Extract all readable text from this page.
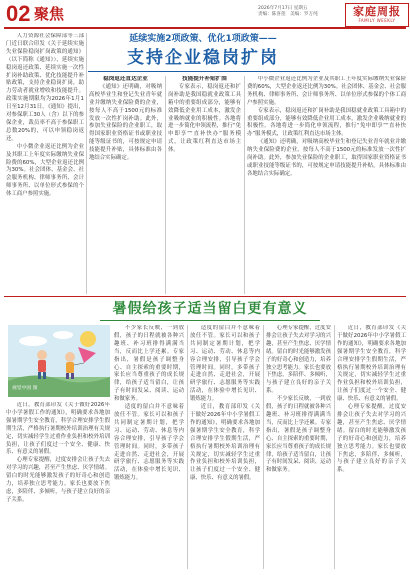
02 聚焦	2026年7月17日 星期五
责编：陈喜莲　美编：罗万纯	家庭周报
FAMILY WEEKLY
延续实施2项政策、优化1项政策——
支持企业稳岗扩岗

人力资源社会保障部等三部门近日联合印发《关于延续实施失业保险稳岗扩岗政策的通知》（以下简称《通知》），延续实施稳岗返还政策、延续实施一次性扩岗补助政策、优化技能提升补贴政策，支持企业稳岗扩岗，助力劳动者就业增收和技能提升。政策实施期限均为2026年1月1日至12月31日。《通知》提出，对参保职工30人（含）以下的参保企业，裁员率不高于参保职工总数20%的，可以申领稳岗返还。

中小微企业返还比例为企业及其职工上年度实际缴纳失业保险费的60%，大型企业返还比例为30%。社会团体、基金会、社会服务机构、律师事务所、会计师事务所、以单位形式参保的个体工商户参照实施。

稳岗返还直达企业

《通知》还明确，对吸纳高校毕业生和登记失业青年就业并缴纳失业保险费的企业，按每人不高于1500元的标准发放一次性扩岗补助。此外，参加失业保险的企业职工，取得国家职业资格证书或职业技能等级证书的，可按规定申请技能提升补贴，具体标准由各地结合实际确定。

技能提升补贴扩围

专家表示，稳岗返还和扩岗补助是我国稳就业政策工具箱中的重要组成部分，能够有效降低企业用工成本，激发企业吸纳就业的积极性。各地将进一步简化申领流程，推行“免申即享”“直补快办”服务模式，让政策红利直达市场主体。

中小微企业返还比例为企业及其职工上年度实际缴纳失业保险费的60%，大型企业返还比例为30%。社会团体、基金会、社会服务机构、律师事务所、会计师事务所、以单位形式参保的个体工商户参照实施。

专家表示，稳岗返还和扩岗补助是我国稳就业政策工具箱中的重要组成部分，能够有效降低企业用工成本，激发企业吸纳就业的积极性。各地将进一步简化申领流程，推行“免申即享”“直补快办”服务模式，让政策红利直达市场主体。

《通知》还明确，对吸纳高校毕业生和登记失业青年就业并缴纳失业保险费的企业，按每人不高于1500元的标准发放一次性扩岗补助。此外，参加失业保险的企业职工，取得国家职业资格证书或职业技能等级证书的，可按规定申请技能提升补贴，具体标准由各地结合实际确定。

暑假给孩子适当留白更有意义
视觉中国 图

不少家长反映，一到放假，孩子的日程就被各种兴趣班、补习班排得满满当当，反而比上学还累。专家指出，暑假是孩子调整身心、自主探索的重要时期，家长应当尊重孩子的成长规律，给孩子适当留白，让孩子有时间发呆、阅读、运动和做家务。

适度的留白并不意味着放任不管。家长可以和孩子共同制定暑期计划，把学习、运动、劳动、休息等内容合理安排，引导孩子学会管理时间。同时，多带孩子走进自然、走进社会，开展研学旅行、志愿服务等实践活动，在体验中增长见识、锻炼能力。

近日，教育部印发《关于做好2026年中小学暑假工作的通知》，明确要求各地加强暑期学生安全教育，科学合理安排学生假期生活，严格执行暑期校外培训治理有关规定，切实减轻学生过重作业负担和校外培训负担，让孩子们度过一个安全、健康、快乐、有意义的暑假。

心理专家提醒，过度安排会让孩子失去对学习的兴趣，甚至产生焦虑、厌学情绪。留白的时光能够激发孩子的好奇心和创造力，培养独立思考能力。家长也要放下焦虑，多陪伴、多倾听，与孩子建立良好的亲子关系。

适度的留白并不意味着放任不管。家长可以和孩子共同制定暑期计划，把学习、运动、劳动、休息等内容合理安排，引导孩子学会管理时间。同时，多带孩子走进自然、走进社会，开展研学旅行、志愿服务等实践活动，在体验中增长见识、锻炼能力。

近日，教育部印发《关于做好2026年中小学暑假工作的通知》，明确要求各地加强暑期学生安全教育，科学合理安排学生假期生活，严格执行暑期校外培训治理有关规定，切实减轻学生过重作业负担和校外培训负担，让孩子们度过一个安全、健康、快乐、有意义的暑假。

心理专家提醒，过度安排会让孩子失去对学习的兴趣，甚至产生焦虑、厌学情绪。留白的时光能够激发孩子的好奇心和创造力，培养独立思考能力。家长也要放下焦虑，多陪伴、多倾听，与孩子建立良好的亲子关系。

不少家长反映，一到放假，孩子的日程就被各种兴趣班、补习班排得满满当当，反而比上学还累。专家指出，暑假是孩子调整身心、自主探索的重要时期，家长应当尊重孩子的成长规律，给孩子适当留白，让孩子有时间发呆、阅读、运动和做家务。

近日，教育部印发《关于做好2026年中小学暑假工作的通知》，明确要求各地加强暑期学生安全教育，科学合理安排学生假期生活，严格执行暑期校外培训治理有关规定，切实减轻学生过重作业负担和校外培训负担，让孩子们度过一个安全、健康、快乐、有意义的暑假。

心理专家提醒，过度安排会让孩子失去对学习的兴趣，甚至产生焦虑、厌学情绪。留白的时光能够激发孩子的好奇心和创造力，培养独立思考能力。家长也要放下焦虑，多陪伴、多倾听，与孩子建立良好的亲子关系。
